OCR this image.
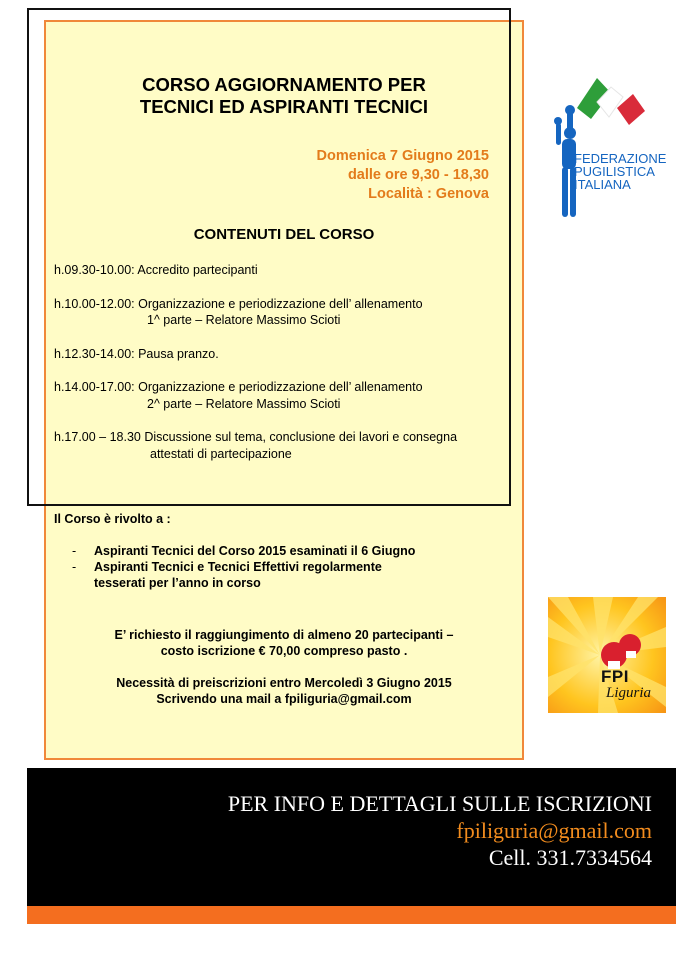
CORSO AGGIORNAMENTO PER
TECNICI ED ASPIRANTI TECNICI
Domenica 7 Giugno 2015
dalle ore 9,30 - 18,30
Località : Genova
CONTENUTI DEL CORSO
h.09.30-10.00: Accredito partecipanti
h.10.00-12.00: Organizzazione e periodizzazione dell’ allenamento
1^ parte – Relatore Massimo Scioti
h.12.30-14.00: Pausa pranzo.
h.14.00-17.00: Organizzazione e periodizzazione dell’ allenamento
2^ parte – Relatore Massimo Scioti
h.17.00 – 18.30 Discussione sul tema, conclusione dei lavori e consegna
attestati di partecipazione
Il Corso è rivolto a :
- Aspiranti Tecnici del Corso 2015 esaminati il 6 Giugno
- Aspiranti Tecnici e Tecnici Effettivi regolarmente
tesserati per l’anno in corso
E’ richiesto il raggiungimento di almeno 20 partecipanti –
costo iscrizione € 70,00 compreso pasto .
Necessità di preiscrizioni entro Mercoledì 3 Giugno 2015
Scrivendo una mail a fpiliguria@gmail.com
FEDERAZIONE
PUGILISTICA
ITALIANA
FPI
Liguria
PER INFO E DETTAGLI SULLE ISCRIZIONI
fpiliguria@gmail.com
Cell. 331.7334564
